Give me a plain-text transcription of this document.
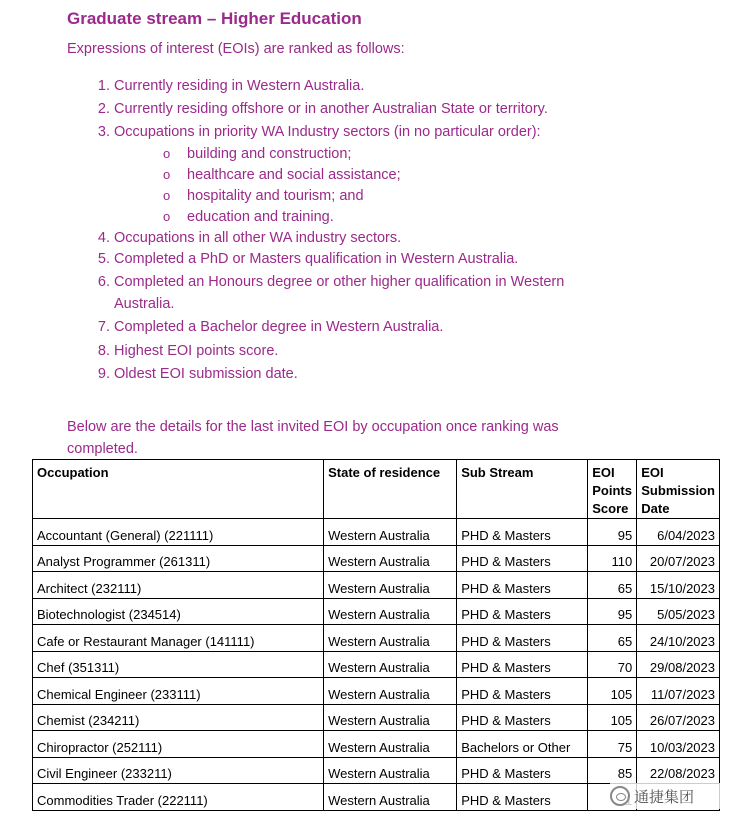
Graduate stream – Higher Education

Expressions of interest (EOIs) are ranked as follows:

1. Currently residing in Western Australia.
2. Currently residing offshore or in another Australian State or territory.
3. Occupations in priority WA Industry sectors (in no particular order):
4. Occupations in all other WA industry sectors.
5. Completed a PhD or Masters qualification in Western Australia.
6. Completed an Honours degree or other higher qualification in Western Australia.
7. Completed a Bachelor degree in Western Australia.
8. Highest EOI points score.
9. Oldest EOI submission date.
o building and construction;
o healthcare and social assistance;
o hospitality and tourism; and
o education and training.

Below are the details for the last invited EOI by occupation once ranking was completed.

Occupation	State of residence	Sub Stream	EOI Points Score	EOI Submission Date
Accountant (General) (221111)	Western Australia	PHD & Masters	95	6/04/2023
Analyst Programmer (261311)	Western Australia	PHD & Masters	110	20/07/2023
Architect (232111)	Western Australia	PHD & Masters	65	15/10/2023
Biotechnologist (234514)	Western Australia	PHD & Masters	95	5/05/2023
Cafe or Restaurant Manager (141111)	Western Australia	PHD & Masters	65	24/10/2023
Chef (351311)	Western Australia	PHD & Masters	70	29/08/2023
Chemical Engineer (233111)	Western Australia	PHD & Masters	105	11/07/2023
Chemist (234211)	Western Australia	PHD & Masters	105	26/07/2023
Chiropractor (252111)	Western Australia	Bachelors or Other	75	10/03/2023
Civil Engineer (233211)	Western Australia	PHD & Masters	85	22/08/2023
Commodities Trader (222111)	Western Australia	PHD & Masters			通捷集团
